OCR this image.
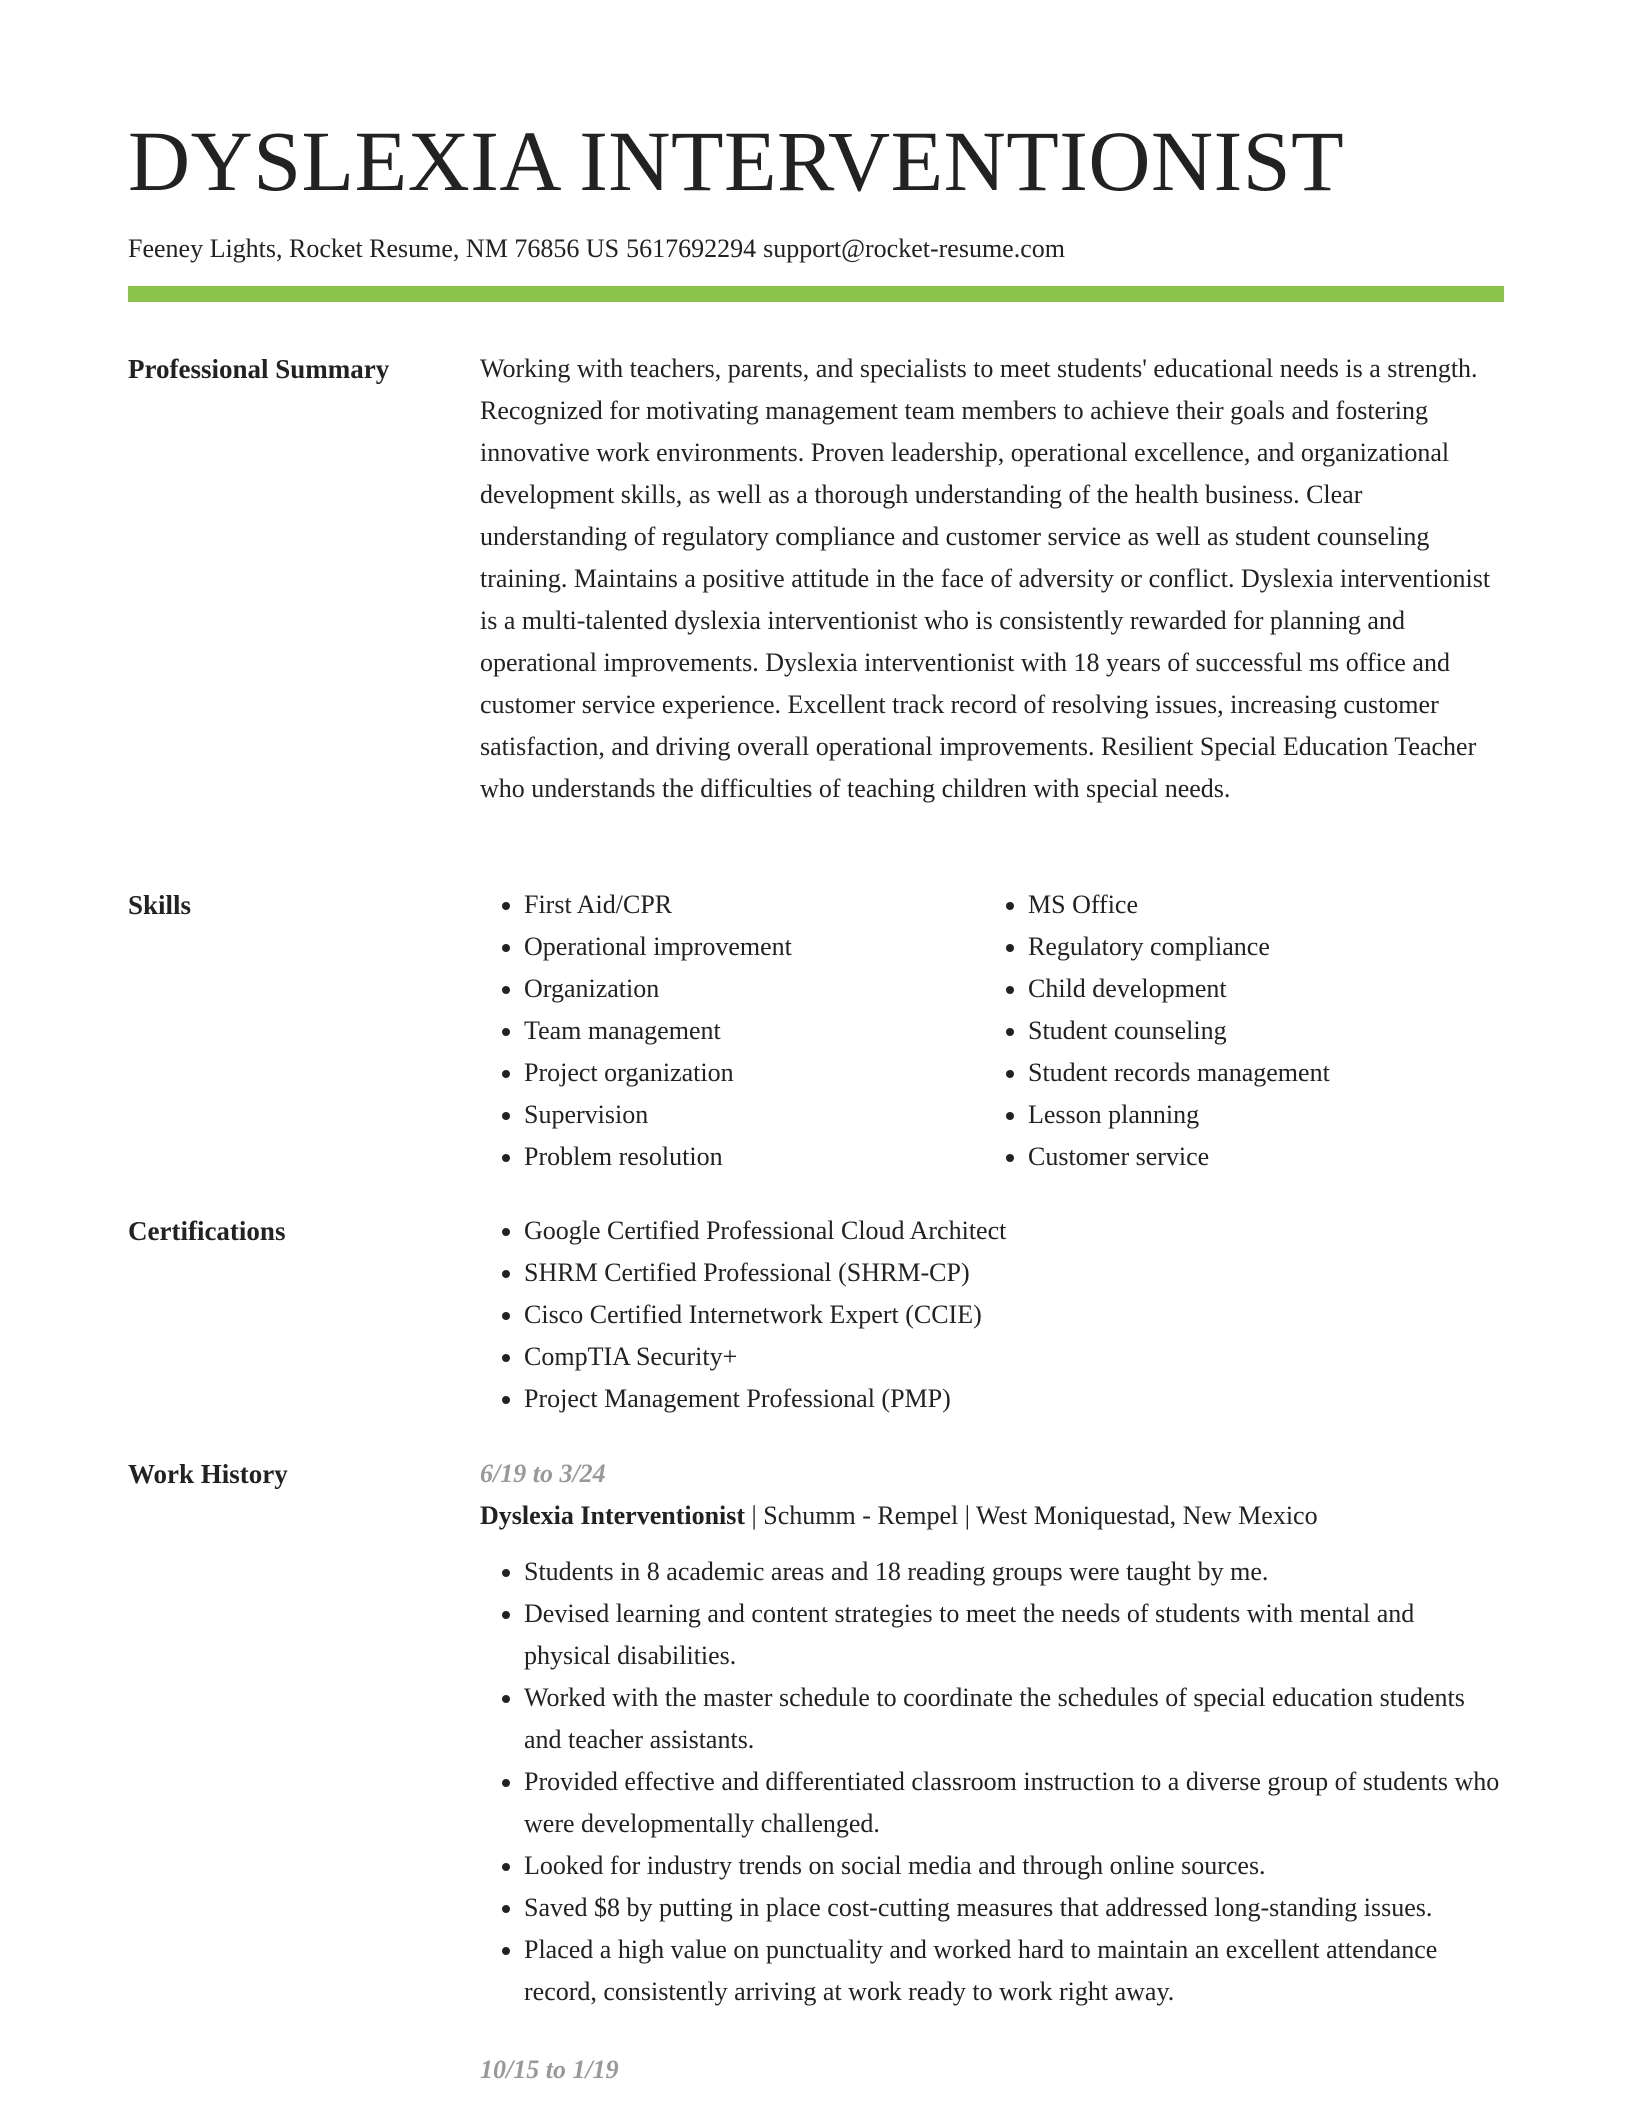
DYSLEXIA INTERVENTIONIST
Feeney Lights, Rocket Resume, NM 76856 US 5617692294 support@rocket-resume.com
Professional Summary	Working with teachers, parents, and specialists to meet students' educational needs is a strength. Recognized for motivating management team members to achieve their goals and fostering innovative work environments. Proven leadership, operational excellence, and organizational development skills, as well as a thorough understanding of the health business. Clear understanding of regulatory compliance and customer service as well as student counseling training. Maintains a positive attitude in the face of adversity or conflict. Dyslexia interventionist is a multi-talented dyslexia interventionist who is consistently rewarded for planning and operational improvements. Dyslexia interventionist with 18 years of successful ms office and customer service experience. Excellent track record of resolving issues, increasing customer satisfaction, and driving overall operational improvements. Resilient Special Education Teacher who understands the difficulties of teaching children with special needs.

Skills	• First Aid/CPR
• Operational improvement
• Organization
• Team management
• Project organization
• Supervision
• Problem resolution
• MS Office
• Regulatory compliance
• Child development
• Student counseling
• Student records management
• Lesson planning
• Customer service
Certifications	• Google Certified Professional Cloud Architect
• SHRM Certified Professional (SHRM-CP)
• Cisco Certified Internetwork Expert (CCIE)
• CompTIA Security+
• Project Management Professional (PMP)
Work History	6/19 to 3/24
Dyslexia Interventionist | Schumm - Rempel | West Moniquestad, New Mexico
• Students in 8 academic areas and 18 reading groups were taught by me.
• Devised learning and content strategies to meet the needs of students with mental and physical disabilities.
• Worked with the master schedule to coordinate the schedules of special education students and teacher assistants.
• Provided effective and differentiated classroom instruction to a diverse group of students who were developmentally challenged.
• Looked for industry trends on social media and through online sources.
• Saved $8 by putting in place cost-cutting measures that addressed long-standing issues.
• Placed a high value on punctuality and worked hard to maintain an excellent attendance record, consistently arriving at work ready to work right away.
10/15 to 1/19
